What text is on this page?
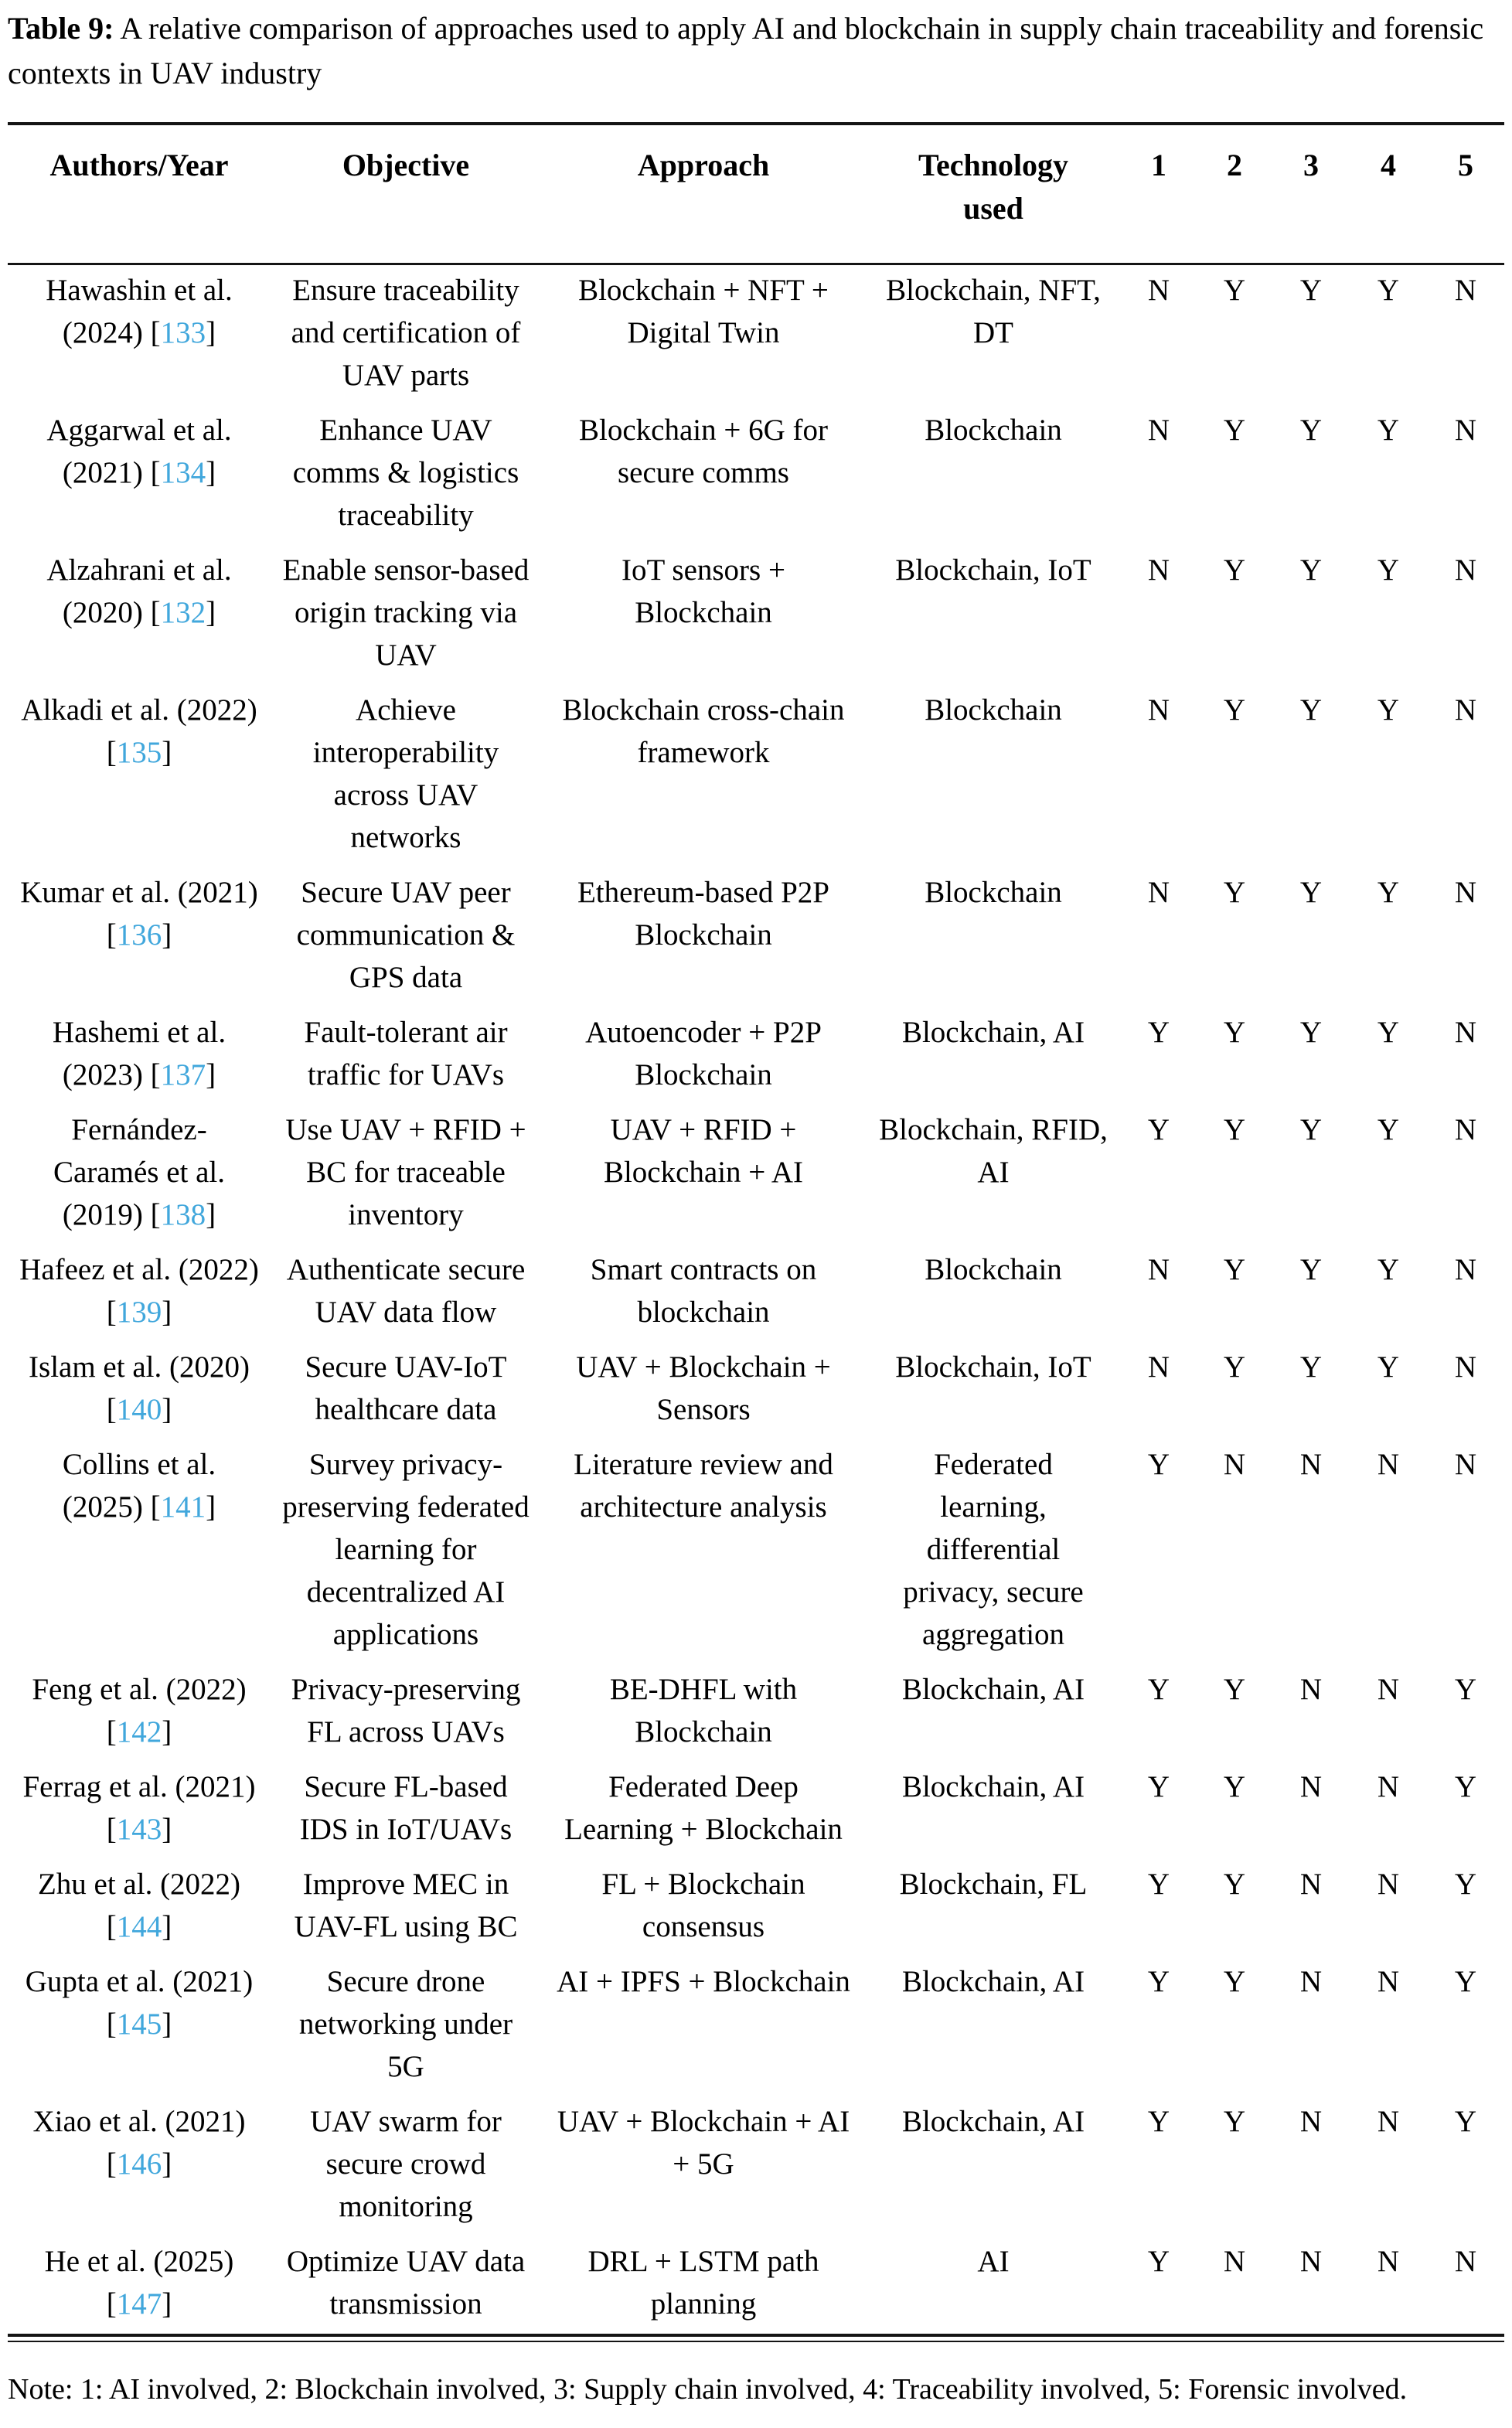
Table 9: A relative comparison of approaches used to apply AI and blockchain in supply chain traceability and forensic contexts in UAV industry

Authors/Year	Objective	Approach	Technology used	1	2	3	4	5
Hawashin et al. (2024) [133]	Ensure traceability and certification of UAV parts	Blockchain + NFT + Digital Twin	Blockchain, NFT, DT	N	Y	Y	Y	N
Aggarwal et al. (2021) [134]	Enhance UAV comms & logistics traceability	Blockchain + 6G for secure comms	Blockchain	N	Y	Y	Y	N
Alzahrani et al. (2020) [132]	Enable sensor-based origin tracking via UAV	IoT sensors + Blockchain	Blockchain, IoT	N	Y	Y	Y	N
Alkadi et al. (2022) [135]	Achieve interoperability across UAV networks	Blockchain cross-chain framework	Blockchain	N	Y	Y	Y	N
Kumar et al. (2021) [136]	Secure UAV peer communication & GPS data	Ethereum-based P2P Blockchain	Blockchain	N	Y	Y	Y	N
Hashemi et al. (2023) [137]	Fault-tolerant air traffic for UAVs	Autoencoder + P2P Blockchain	Blockchain, AI	Y	Y	Y	Y	N
Fernández-Caramés et al. (2019) [138]	Use UAV + RFID + BC for traceable inventory	UAV + RFID + Blockchain + AI	Blockchain, RFID, AI	Y	Y	Y	Y	N
Hafeez et al. (2022) [139]	Authenticate secure UAV data flow	Smart contracts on blockchain	Blockchain	N	Y	Y	Y	N
Islam et al. (2020) [140]	Secure UAV-IoT healthcare data	UAV + Blockchain + Sensors	Blockchain, IoT	N	Y	Y	Y	N
Collins et al. (2025) [141]	Survey privacy-preserving federated learning for decentralized AI applications	Literature review and architecture analysis	Federated learning, differential privacy, secure aggregation	Y	N	N	N	N
Feng et al. (2022) [142]	Privacy-preserving FL across UAVs	BE-DHFL with Blockchain	Blockchain, AI	Y	Y	N	N	Y
Ferrag et al. (2021) [143]	Secure FL-based IDS in IoT/UAVs	Federated Deep Learning + Blockchain	Blockchain, AI	Y	Y	N	N	Y
Zhu et al. (2022) [144]	Improve MEC in UAV-FL using BC	FL + Blockchain consensus	Blockchain, FL	Y	Y	N	N	Y
Gupta et al. (2021) [145]	Secure drone networking under 5G	AI + IPFS + Blockchain	Blockchain, AI	Y	Y	N	N	Y
Xiao et al. (2021) [146]	UAV swarm for secure crowd monitoring	UAV + Blockchain + AI + 5G	Blockchain, AI	Y	Y	N	N	Y
He et al. (2025) [147]	Optimize UAV data transmission	DRL + LSTM path planning	AI	Y	N	N	N	N

Note: 1: AI involved, 2: Blockchain involved, 3: Supply chain involved, 4: Traceability involved, 5: Forensic involved.
